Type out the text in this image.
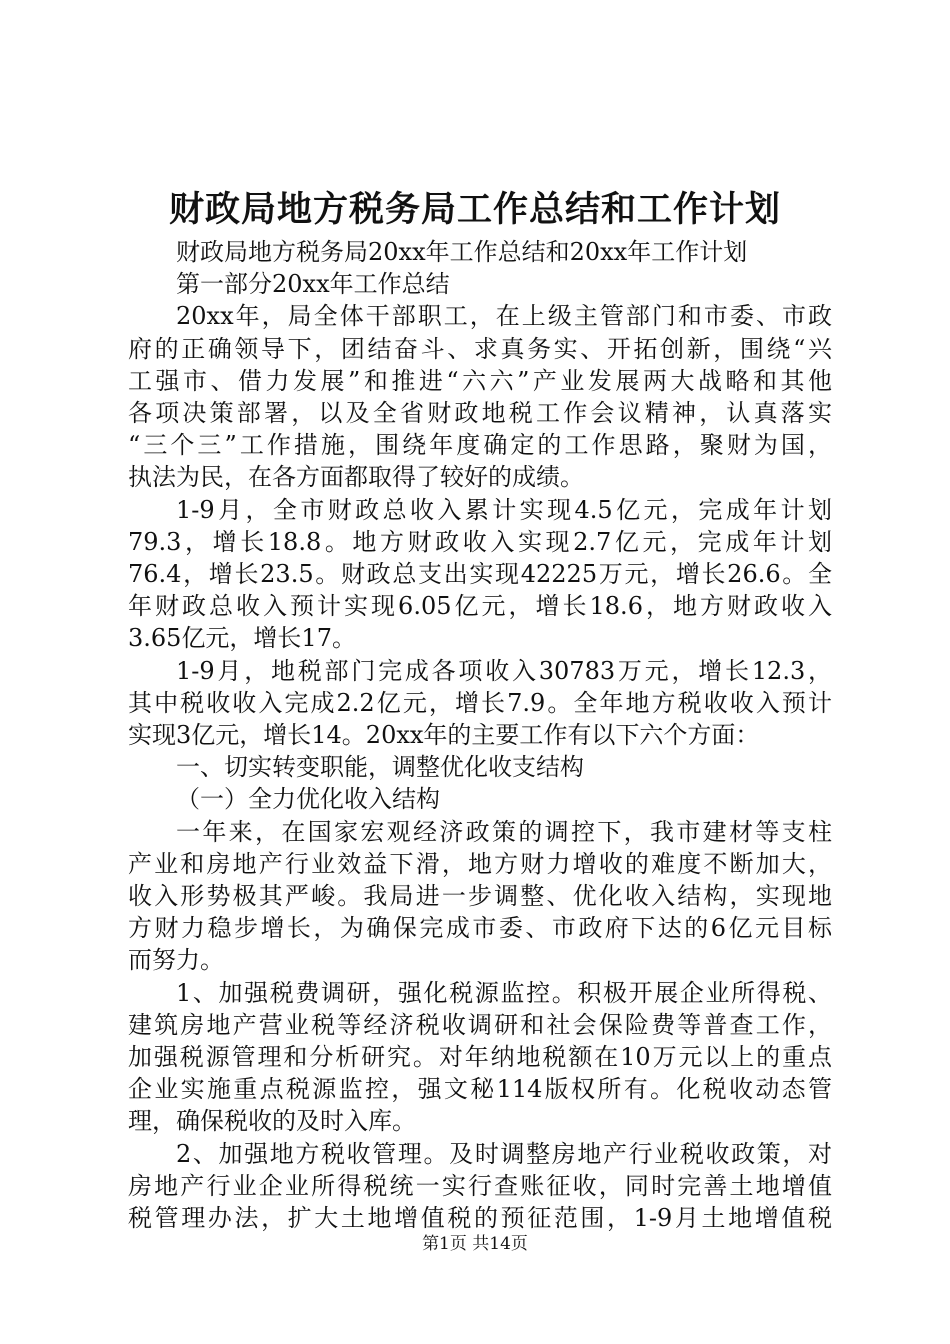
财政局地方税务局工作总结和工作计划

财政局地方税务局20xx年工作总结和20xx年工作计划

第一部分20xx年工作总结

20xx年，局全体干部职工，在上级主管部门和市委、市政

府的正确领导下，团结奋斗、求真务实、开拓创新，围绕“兴

工强市、借力发展”和推进“六六”产业发展两大战略和其他

各项决策部署，以及全省财政地税工作会议精神，认真落实

“三个三”工作措施，围绕年度确定的工作思路，聚财为国，

执法为民，在各方面都取得了较好的成绩。

1-9月，全市财政总收入累计实现4.5亿元，完成年计划

79.3，增长18.8。地方财政收入实现2.7亿元，完成年计划

76.4，增长23.5。财政总支出实现42225万元，增长26.6。全

年财政总收入预计实现6.05亿元，增长18.6，地方财政收入

3.65亿元，增长17。

1-9月，地税部门完成各项收入30783万元，增长12.3，

其中税收收入完成2.2亿元，增长7.9。全年地方税收收入预计

实现3亿元，增长14。20xx年的主要工作有以下六个方面：

一、切实转变职能，调整优化收支结构

（一）全力优化收入结构

一年来，在国家宏观经济政策的调控下，我市建材等支柱

产业和房地产行业效益下滑，地方财力增收的难度不断加大，

收入形势极其严峻。我局进一步调整、优化收入结构，实现地

方财力稳步增长，为确保完成市委、市政府下达的6亿元目标

而努力。

1、加强税费调研，强化税源监控。积极开展企业所得税、

建筑房地产营业税等经济税收调研和社会保险费等普查工作，

加强税源管理和分析研究。对年纳地税额在10万元以上的重点

企业实施重点税源监控，强文秘114版权所有。化税收动态管

理，确保税收的及时入库。

2、加强地方税收管理。及时调整房地产行业税收政策，对

房地产行业企业所得税统一实行查账征收，同时完善土地增值

税管理办法，扩大土地增值税的预征范围，1-9月土地增值税

第1页 共14页
